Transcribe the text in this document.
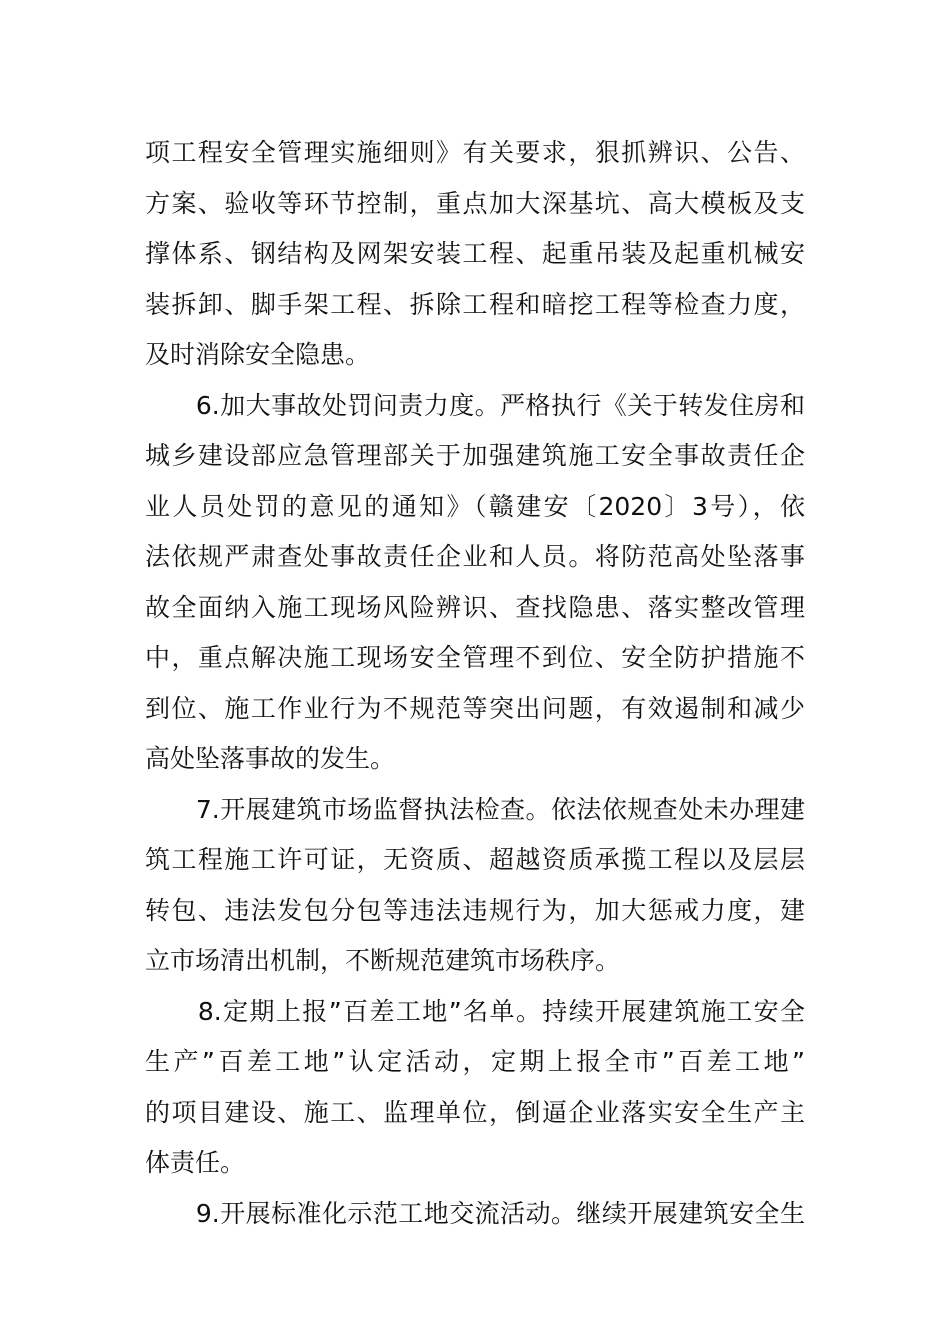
项工程安全管理实施细则》有关要求，狠抓辨识、公告、
方案、验收等环节控制，重点加大深基坑、高大模板及支
撑体系、钢结构及网架安装工程、起重吊装及起重机械安
装拆卸、脚手架工程、拆除工程和暗挖工程等检查力度，
及时消除安全隐患。
　　6.加大事故处罚问责力度。严格执行《关于转发住房和
城乡建设部应急管理部关于加强建筑施工安全事故责任企
业人员处罚的意见的通知》（赣建安〔2020〕3号），依
法依规严肃查处事故责任企业和人员。将防范高处坠落事
故全面纳入施工现场风险辨识、查找隐患、落实整改管理
中，重点解决施工现场安全管理不到位、安全防护措施不
到位、施工作业行为不规范等突出问题，有效遏制和减少
高处坠落事故的发生。
　　7.开展建筑市场监督执法检查。依法依规查处未办理建
筑工程施工许可证，无资质、超越资质承揽工程以及层层
转包、违法发包分包等违法违规行为，加大惩戒力度，建
立市场清出机制，不断规范建筑市场秩序。
　　8.定期上报”百差工地”名单。持续开展建筑施工安全
生产”百差工地”认定活动，定期上报全市”百差工地”
的项目建设、施工、监理单位，倒逼企业落实安全生产主
体责任。
　　9.开展标准化示范工地交流活动。继续开展建筑安全生
